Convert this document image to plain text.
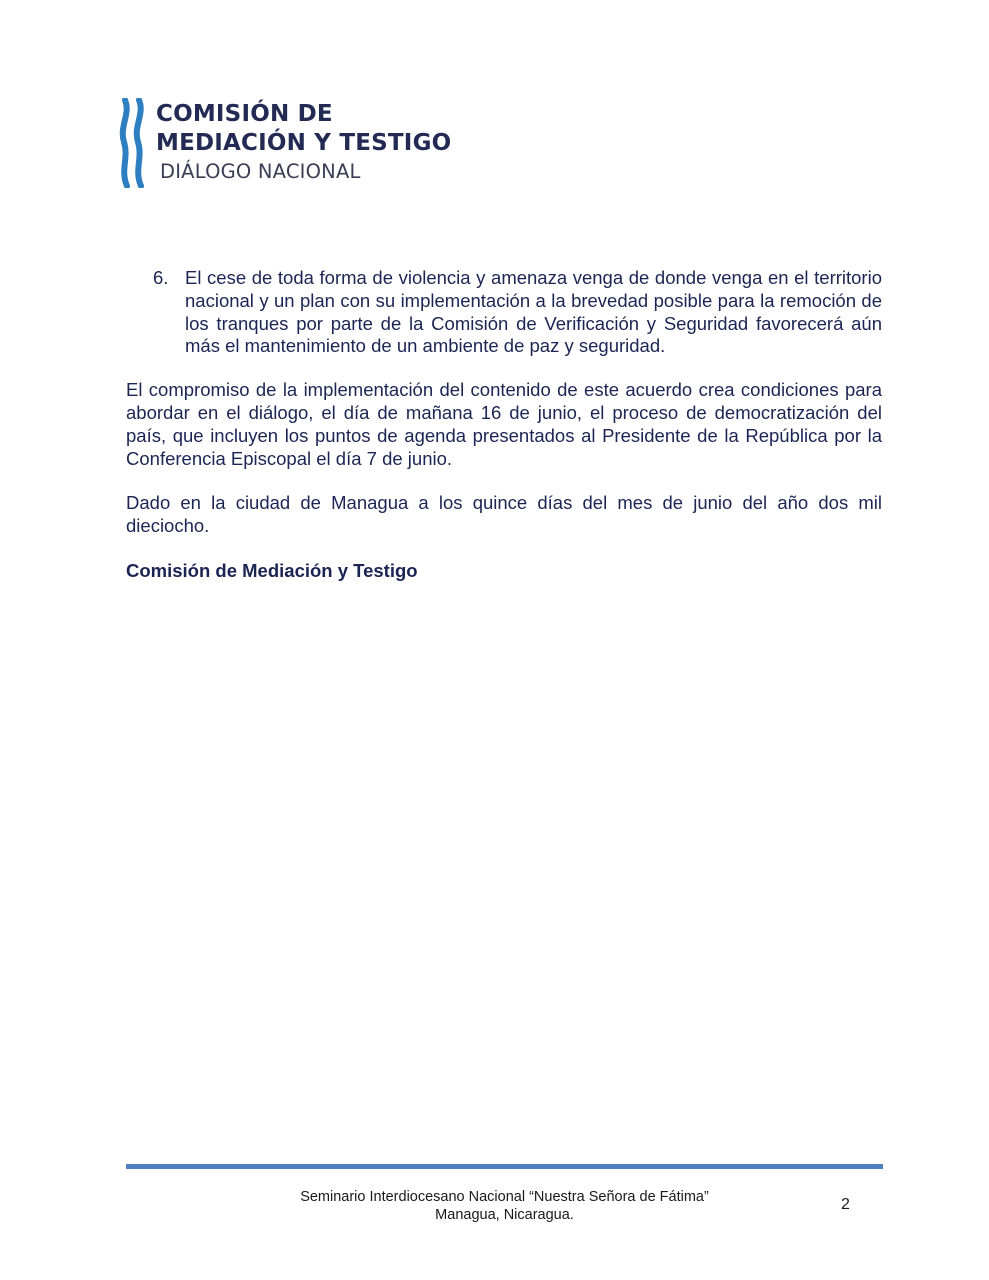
COMISIÓN DE
MEDIACIÓN Y TESTIGO
DIÁLOGO NACIONAL
6. El cese de toda forma de violencia y amenaza venga de donde venga en el territorio nacional y un plan con su implementación a la brevedad posible para la remoción de los tranques por parte de la Comisión de Verificación y Seguridad favorecerá aún más el mantenimiento de un ambiente de paz y seguridad.

El compromiso de la implementación del contenido de este acuerdo crea condiciones para abordar en el diálogo, el día de mañana 16 de junio, el proceso de democratización del país, que incluyen los puntos de agenda presentados al Presidente de la República por la Conferencia Episcopal el día 7 de junio.

Dado en la ciudad de Managua a los quince días del mes de junio del año dos mil dieciocho.

Comisión de Mediación y Testigo

Seminario Interdiocesano Nacional “Nuestra Señora de Fátima”
Managua, Nicaragua.
2
